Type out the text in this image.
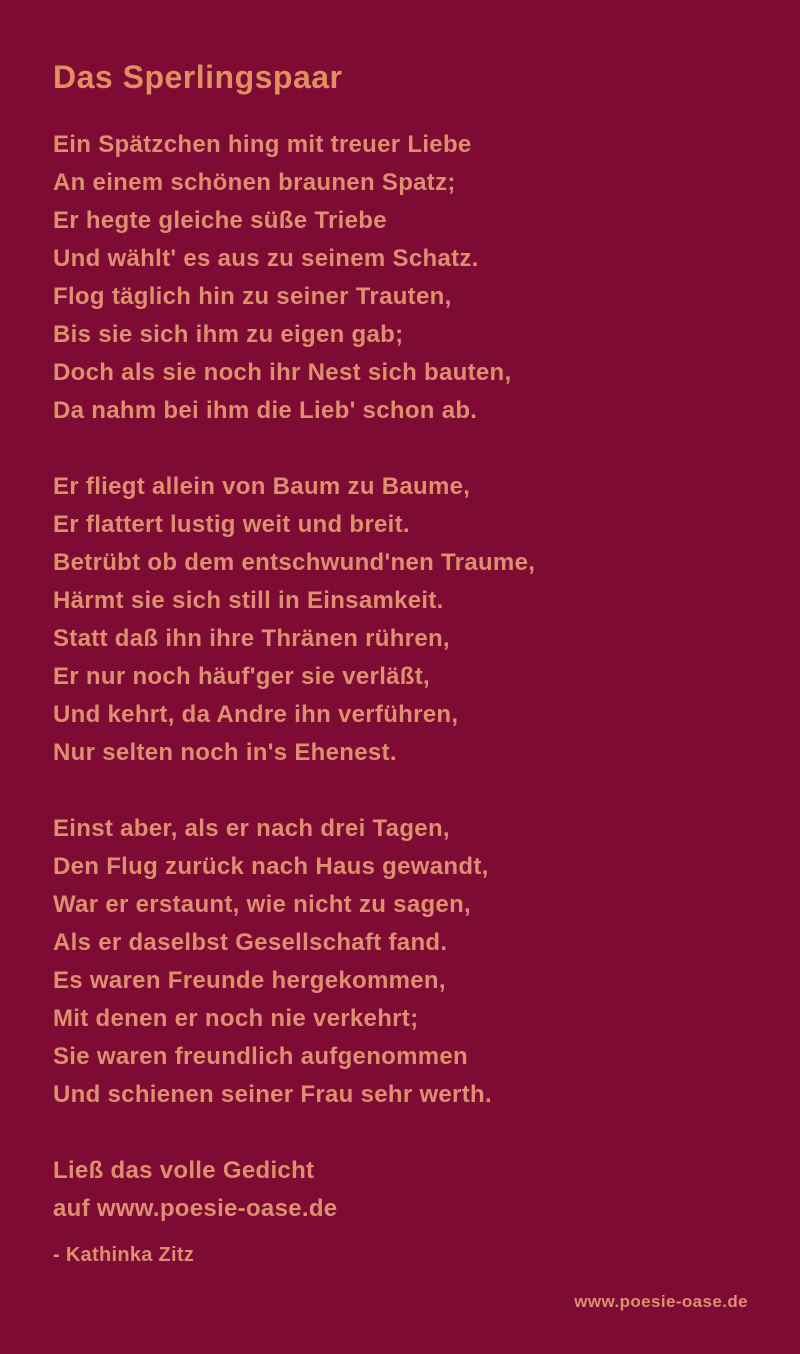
Das Sperlingspaar
Ein Spätzchen hing mit treuer Liebe
An einem schönen braunen Spatz;
Er hegte gleiche süße Triebe
Und wählt' es aus zu seinem Schatz.
Flog täglich hin zu seiner Trauten,
Bis sie sich ihm zu eigen gab;
Doch als sie noch ihr Nest sich bauten,
Da nahm bei ihm die Lieb' schon ab.
Er fliegt allein von Baum zu Baume,
Er flattert lustig weit und breit.
Betrübt ob dem entschwund'nen Traume,
Härmt sie sich still in Einsamkeit.
Statt daß ihn ihre Thränen rühren,
Er nur noch häuf'ger sie verläßt,
Und kehrt, da Andre ihn verführen,
Nur selten noch in's Ehenest.
Einst aber, als er nach drei Tagen,
Den Flug zurück nach Haus gewandt,
War er erstaunt, wie nicht zu sagen,
Als er daselbst Gesellschaft fand.
Es waren Freunde hergekommen,
Mit denen er noch nie verkehrt;
Sie waren freundlich aufgenommen
Und schienen seiner Frau sehr werth.
Ließ das volle Gedicht
auf www.poesie-oase.de
- Kathinka Zitz
www.poesie-oase.de
